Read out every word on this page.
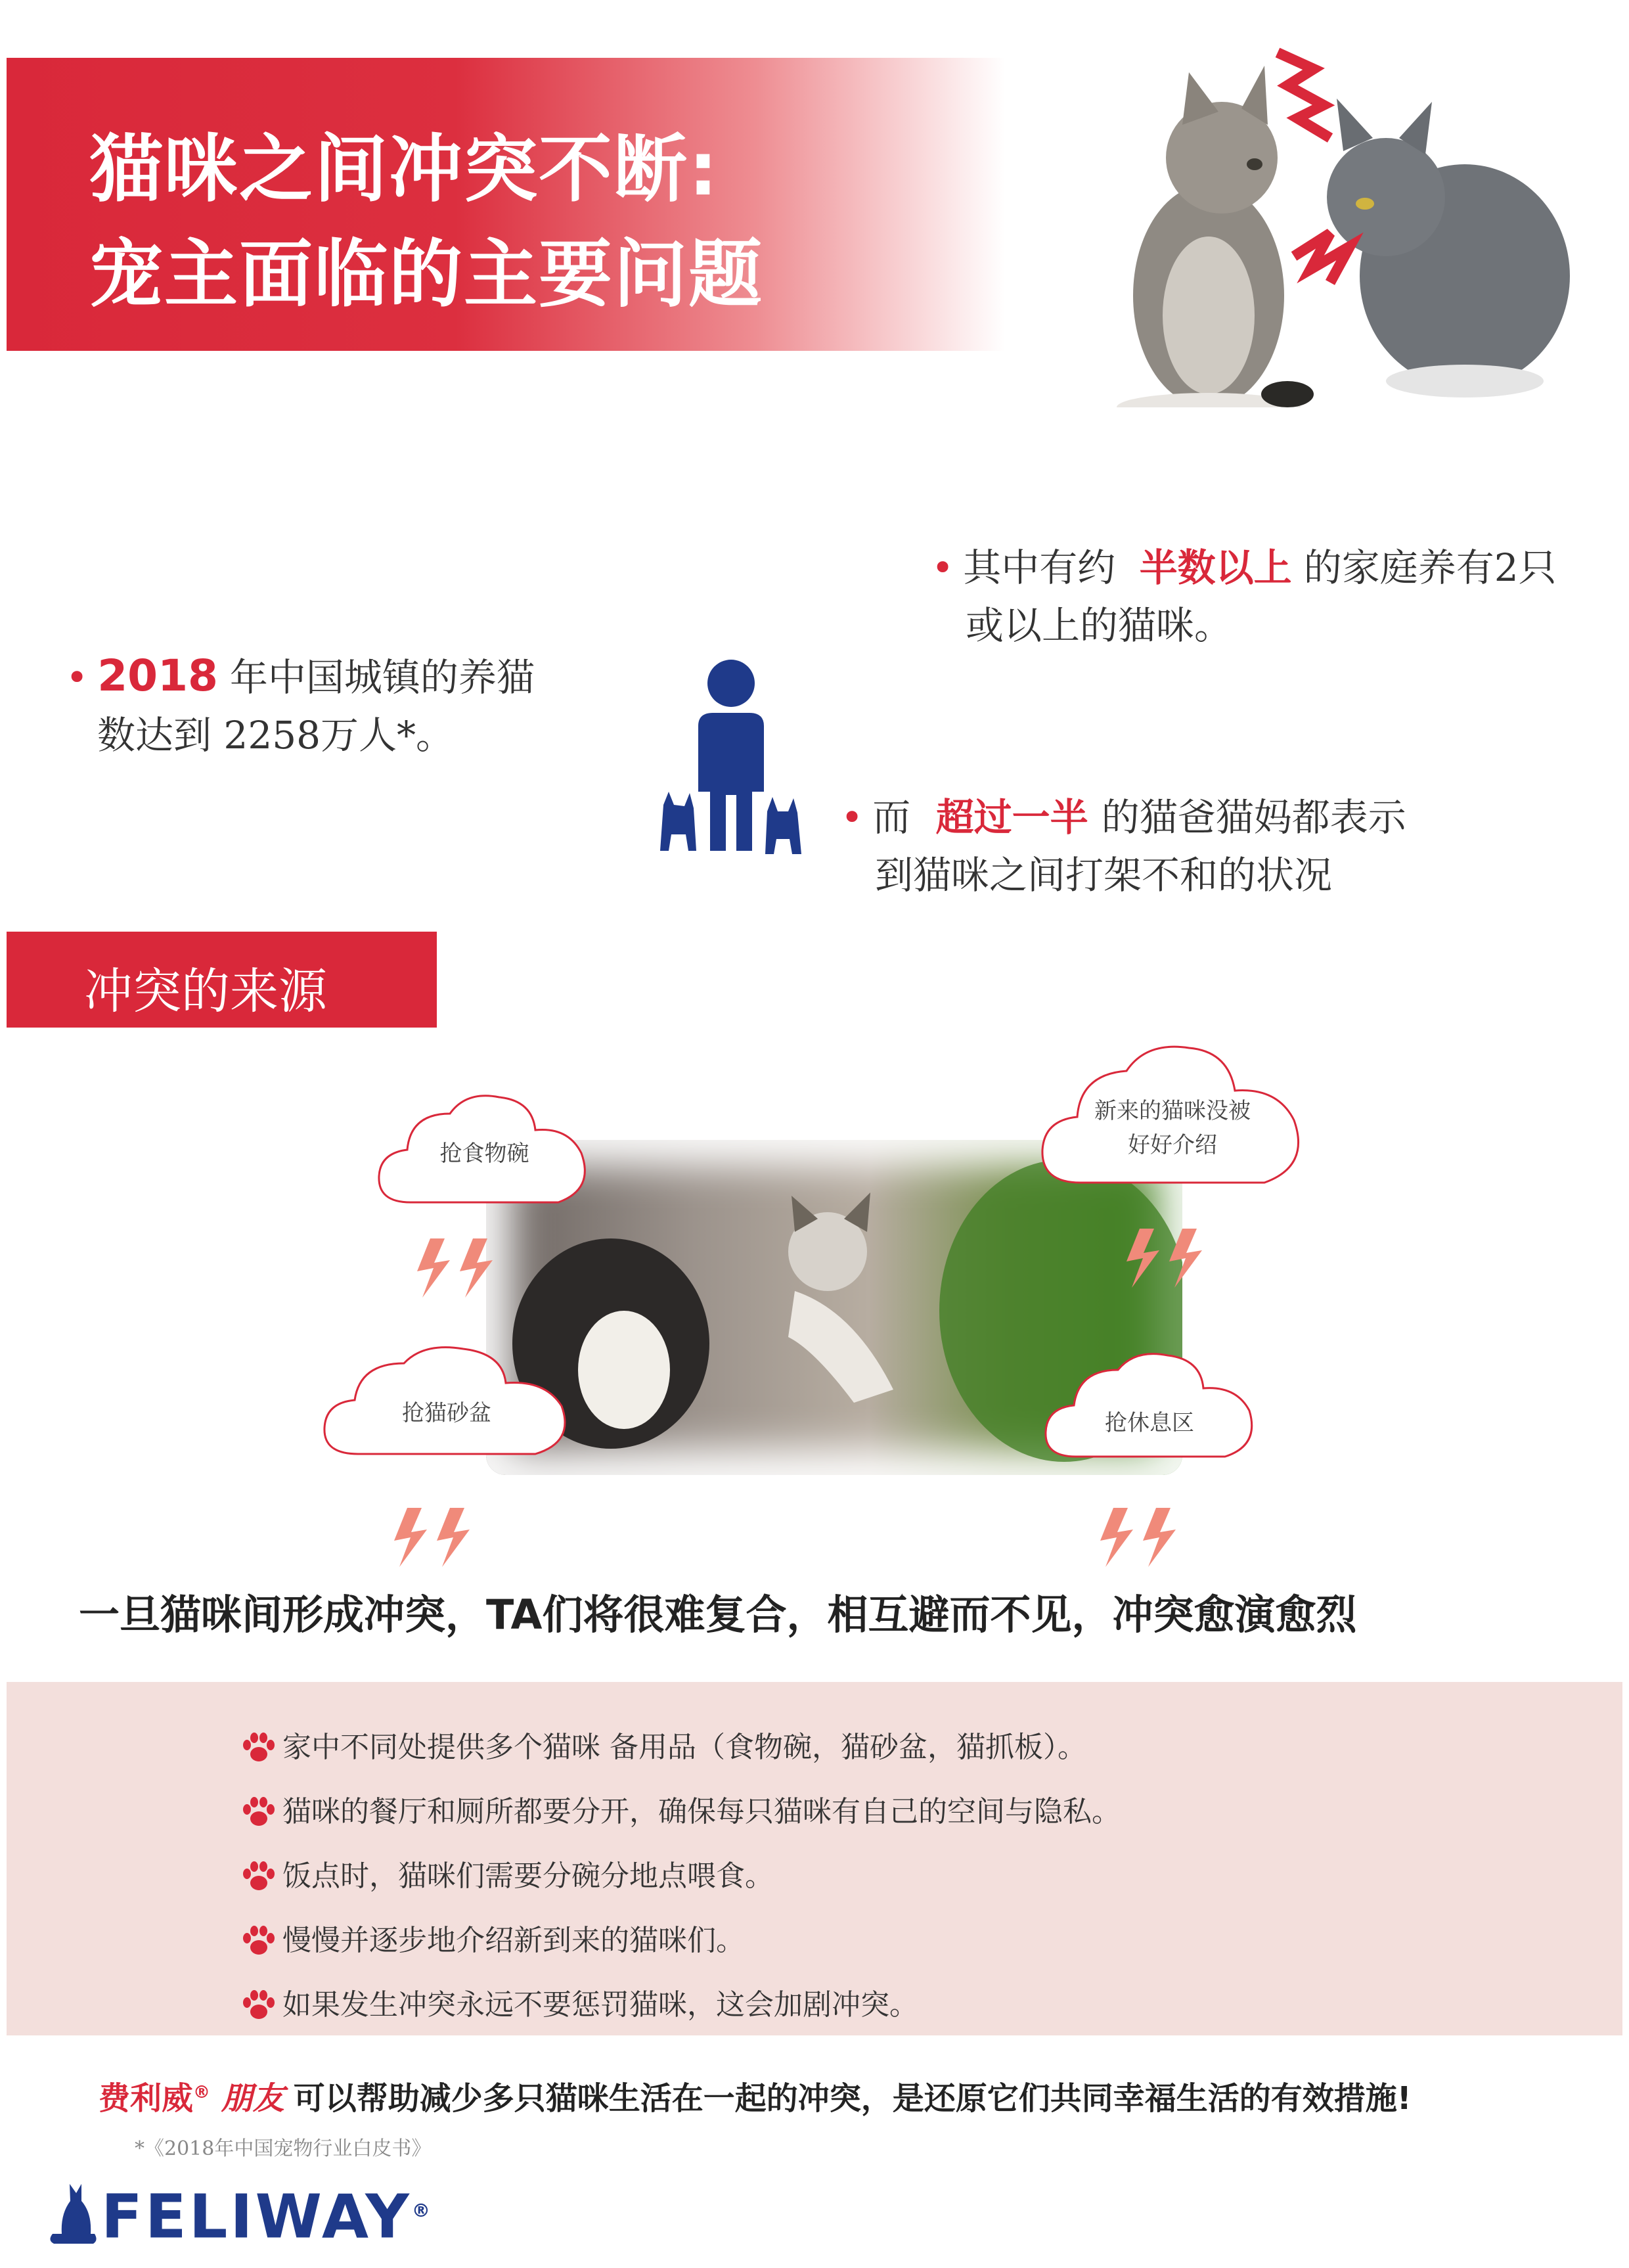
猫咪之间冲突不断:
宠主面临的主要问题
• 其中有约 半数以上 的家庭养有2只
或以上的猫咪。
• 2018 年中国城镇的养猫
数达到 2258万人*。
• 而 超过一半 的猫爸猫妈都表示
到猫咪之间打架不和的状况
冲突的来源
抢食物碗
新来的猫咪没被
好好介绍
抢猫砂盆	抢休息区
一旦猫咪间形成冲突，TA们将很难复合，相互避而不见，冲突愈演愈烈
家中不同处提供多个猫咪 备用品（食物碗，猫砂盆，猫抓板）。
猫咪的餐厅和厕所都要分开，确保每只猫咪有自己的空间与隐私。
饭点时，猫咪们需要分碗分地点喂食。
慢慢并逐步地介绍新到来的猫咪们。
如果发生冲突永远不要惩罚猫咪，这会加剧冲突。
费利威® 朋友 可以帮助减少多只猫咪生活在一起的冲突，是还原它们共同幸福生活的有效措施!
*《2018年中国宠物行业白皮书》
FELIWAY®
